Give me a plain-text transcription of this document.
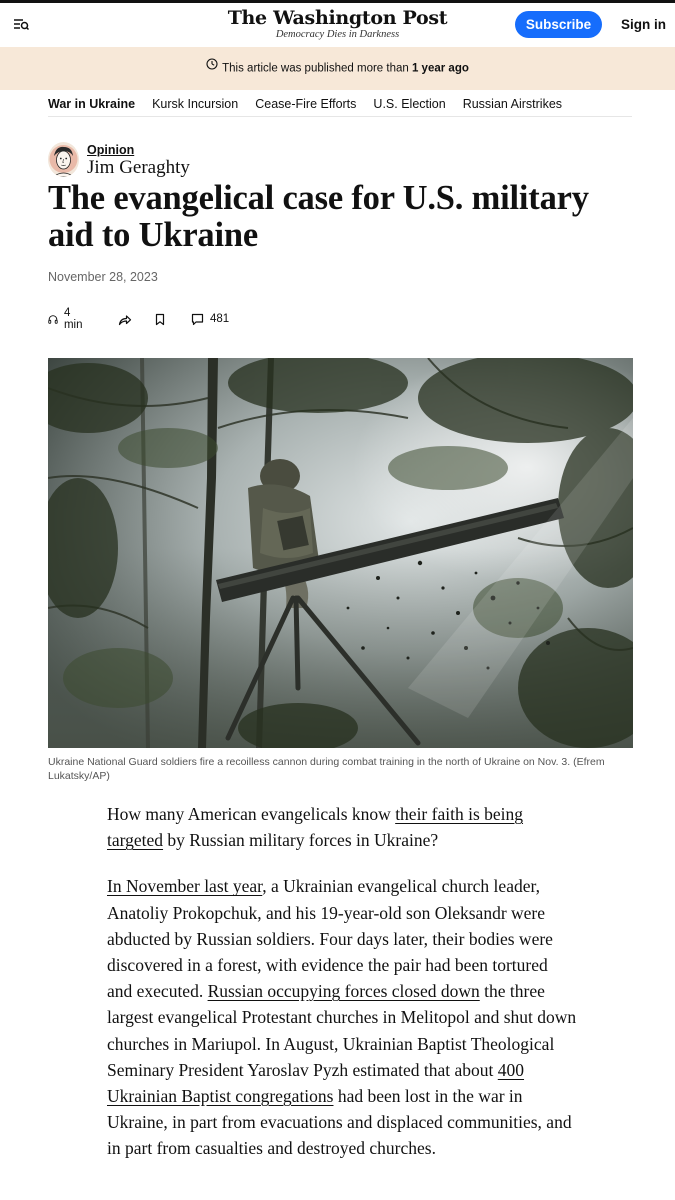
The Washington Post
Democracy Dies in Darkness
Subscribe	Sign in
This article was published more than 1 year ago
War in Ukraine Kursk Incursion Cease-Fire Efforts U.S. Election Russian Airstrikes
Opinion
Jim Geraghty
The evangelical case for U.S. military aid to Ukraine
November 28, 2023
4 min	481
Ukraine National Guard soldiers fire a recoilless cannon during combat training in the north of Ukraine on Nov. 3. (Efrem Lukatsky/AP)

How many American evangelicals know their faith is being targeted by Russian military forces in Ukraine?

In November last year, a Ukrainian evangelical church leader, Anatoliy Prokopchuk, and his 19-year-old son Oleksandr were abducted by Russian soldiers. Four days later, their bodies were discovered in a forest, with evidence the pair had been tortured and executed. Russian occupying forces closed down the three largest evangelical Protestant churches in Melitopol and shut down churches in Mariupol. In August, Ukrainian Baptist Theological Seminary President Yaroslav Pyzh estimated that about 400 Ukrainian Baptist congregations had been lost in the war in Ukraine, in part from evacuations and displaced communities, and in part from casualties and destroyed churches.
